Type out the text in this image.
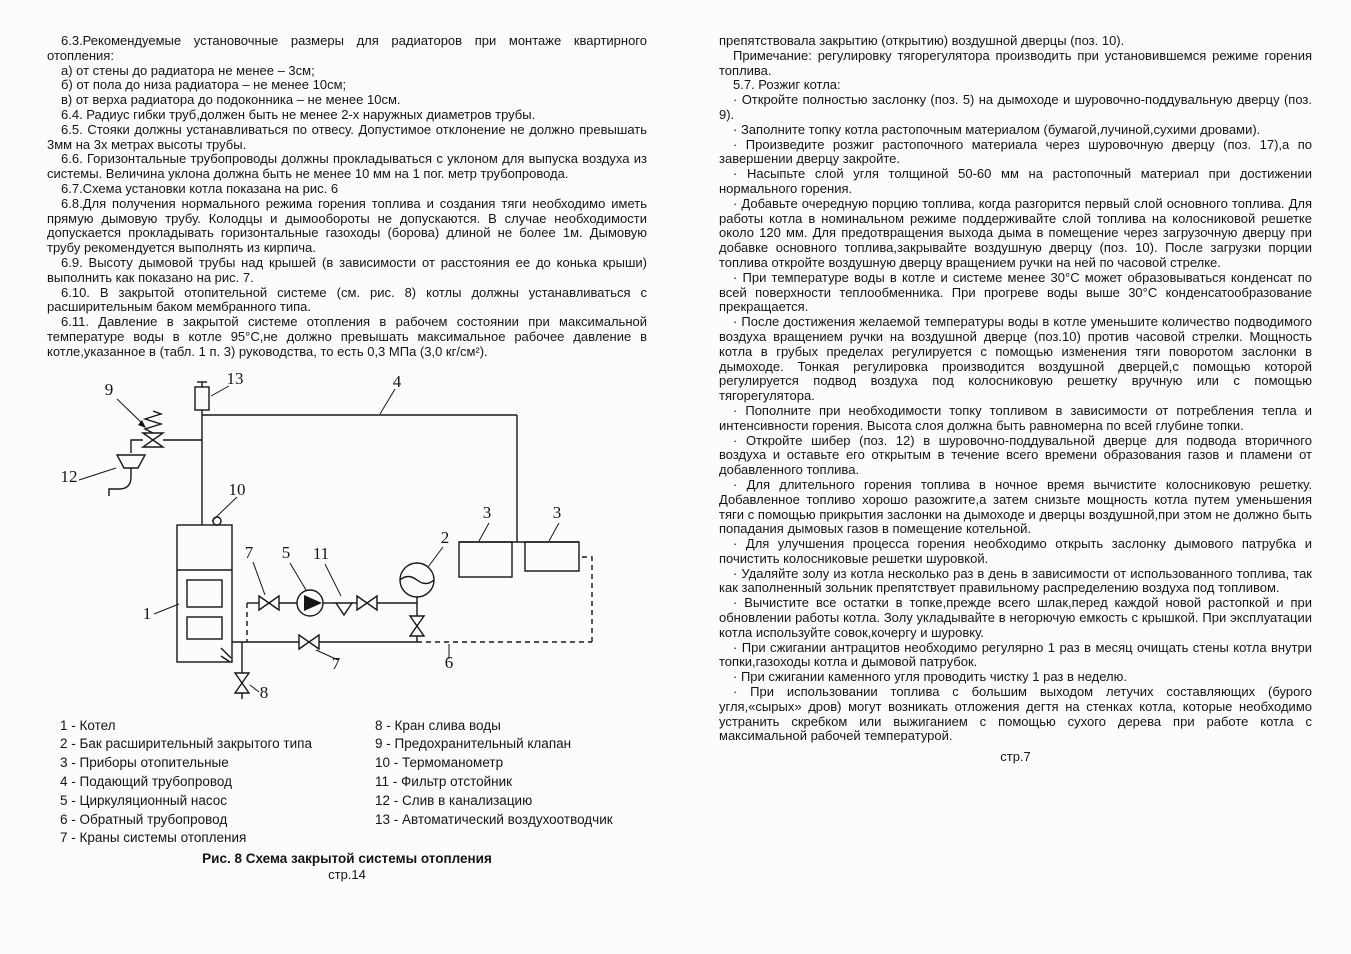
6.3.Рекомендуемые установочные размеры для радиаторов при монтаже квартирного отопления:

а) от стены до радиатора не менее – 3см;

б) от пола до низа радиатора – не менее 10см;

в) от верха радиатора до подоконника – не менее 10см.

6.4. Радиус гибки труб,должен быть не менее 2-х наружных диаметров трубы.

6.5. Стояки должны устанавливаться по отвесу. Допустимое отклонение не должно превышать 3мм на 3х метрах высоты трубы.

6.6. Горизонтальные трубопроводы должны прокладываться с уклоном для выпуска воздуха из системы. Величина уклона должна быть не менее 10 мм на 1 пог. метр трубопровода.

6.7.Схема установки котла показана на рис. 6

6.8.Для получения нормального режима горения топлива и создания тяги необходимо иметь прямую дымовую трубу. Колодцы и дымообороты не допускаются. В случае необходимости допускается прокладывать горизонтальные газоходы (борова) длиной не более 1м. Дымовую трубу рекомендуется выполнять из кирпича.

6.9. Высоту дымовой трубы над крышей (в зависимости от расстояния ее до конька крыши) выполнить как показано на рис. 7.

6.10. В закрытой отопительной системе (см. рис. 8) котлы должны устанавливаться с расширительным баком мембранного типа.

6.11. Давление в закрытой системе отопления в рабочем состоянии при максимальной температуре воды в котле 95°С,не должно превышать максимальное рабочее давление в котле,указанное в (табл. 1 п. 3) руководства, то есть 0,3 МПа (3,0 кг/см²).

9
13	4
12
10
1
2
3	3
7 5 11
7	6
8
1 - Котел
2 - Бак расширительный закрытого типа
3 - Приборы отопительные
4 - Подающий трубопровод
5 - Циркуляционный насос
6 - Обратный трубопровод
7 - Краны системы отопления
8 - Кран слива воды
9 - Предохранительный клапан
10 - Термоманометр
11 - Фильтр отстойник
12 - Слив в канализацию
13 - Автоматический воздухоотводчик
Рис. 8 Схема закрытой системы отопления
стр.14

препятствовала закрытию (открытию) воздушной дверцы (поз. 10).

Примечание: регулировку тягорегулятора производить при установившемся режиме горения топлива.

5.7. Розжиг котла:

· Откройте полностью заслонку (поз. 5) на дымоходе и шуровочно-поддувальную дверцу (поз. 9).

· Заполните топку котла растопочным материалом (бумагой,лучиной,сухими дровами).

· Произведите розжиг растопочного материала через шуровочную дверцу (поз. 17),а по завершении дверцу закройте.

· Насыпьте слой угля толщиной 50-60 мм на растопочный материал при достижении нормального горения.

· Добавьте очередную порцию топлива, когда разгорится первый слой основного топлива. Для работы котла в номинальном режиме поддерживайте слой топлива на колосниковой решетке около 120 мм. Для предотвращения выхода дыма в помещение через загрузочную дверцу при добавке основного топлива,закрывайте воздушную дверцу (поз. 10). После загрузки порции топлива откройте воздушную дверцу вращением ручки на ней по часовой стрелке.

· При температуре воды в котле и системе менее 30°С может образовываться конденсат по всей поверхности теплообменника. При прогреве воды выше 30°С конденсатообразование прекращается.

· После достижения желаемой температуры воды в котле уменьшите количество подводимого воздуха вращением ручки на воздушной дверце (поз.10) против часовой стрелки. Мощность котла в грубых пределах регулируется с помощью изменения тяги поворотом заслонки в дымоходе. Тонкая регулировка производится воздушной дверцей,с помощью которой регулируется подвод воздуха под колосниковую решетку вручную или с помощью тягорегулятора.

· Пополните при необходимости топку топливом в зависимости от потребления тепла и интенсивности горения. Высота слоя должна быть равномерна по всей глубине топки.

· Откройте шибер (поз. 12) в шуровочно-поддувальной дверце для подвода вторичного воздуха и оставьте его открытым в течение всего времени образования газов и пламени от добавленного топлива.

· Для длительного горения топлива в ночное время вычистите колосниковую решетку. Добавленное топливо хорошо разожгите,а затем снизьте мощность котла путем уменьшения тяги с помощью прикрытия заслонки на дымоходе и дверцы воздушной,при этом не должно быть попадания дымовых газов в помещение котельной.

· Для улучшения процесса горения необходимо открыть заслонку дымового патрубка и почистить колосниковые решетки шуровкой.

· Удаляйте золу из котла несколько раз в день в зависимости от использованного топлива, так как заполненный зольник препятствует правильному распределению воздуха под топливом.

· Вычистите все остатки в топке,прежде всего шлак,перед каждой новой растопкой и при обновлении работы котла. Золу укладывайте в негорючую емкость с крышкой. При эксплуатации котла используйте совок,кочергу и шуровку.

· При сжигании антрацитов необходимо регулярно 1 раз в месяц очищать стены котла внутри топки,газоходы котла и дымовой патрубок.

· При сжигании каменного угля проводить чистку 1 раз в неделю.

· При использовании топлива с большим выходом летучих составляющих (бурого угля,«сырых» дров) могут возникать отложения дегтя на стенках котла, которые необходимо устранить скребком или выжиганием с помощью сухого дерева при работе котла с максимальной рабочей температурой.

стр.7
